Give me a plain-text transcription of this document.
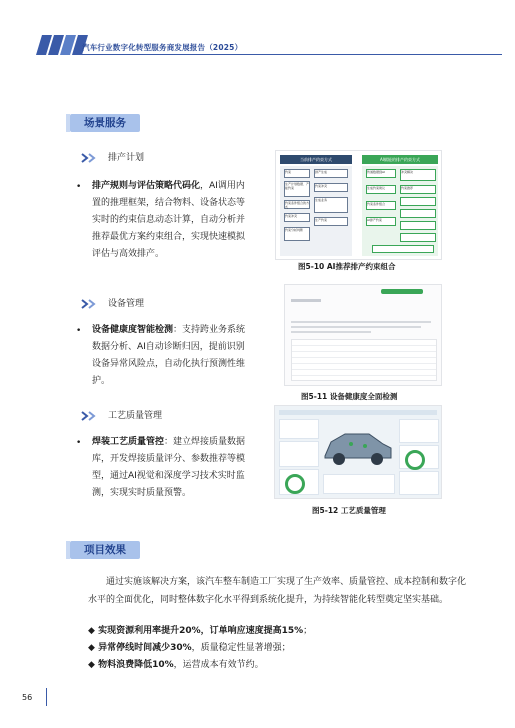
汽车行业数字化转型服务商发展报告（2025）
场景服务
排产计划
• 排产规则与评估策略代码化，AI调用内置的推理框架，结合物料、设备状态等实时的约束信息动态计算，自动分析并推荐最优方案约束组合，实现快速模拟评估与高效排产。
当前排产约束方式	AI赋能的排产约束方式
约束
生产计划数据、产能约束
约束条件组合的方式
约束冲突
约束分析判断
排产生成
约束冲突
生成业务
生产约束
传递数据到AI
生成约束建议
约束条件组合
AI排产约束
冲突解决
约束推荐
图5-10 AI推荐排产约束组合
设备管理
• 设备健康度智能检测：支持跨业务系统数据分析、AI自动诊断归因，提前识别设备异常风险点，自动化执行预测性维护。
图5-11 设备健康度全面检测
工艺质量管理
• 焊装工艺质量管控：建立焊接质量数据库，开发焊接质量评分、参数推荐等模型，通过AI视觉和深度学习技术实时监测，实现实时质量预警。
图5-12 工艺质量管理
项目效果
通过实施该解决方案，该汽车整车制造工厂实现了生产效率、质量管控、成本控制和数字化水平的全面优化，同时整体数字化水平得到系统化提升，为持续智能化转型奠定坚实基础。
◆ 实现资源利用率提升20%，订单响应速度提高15%；
◆ 异常停线时间减少30%，质量稳定性显著增强；
◆ 物料浪费降低10%，运营成本有效节约。
56
